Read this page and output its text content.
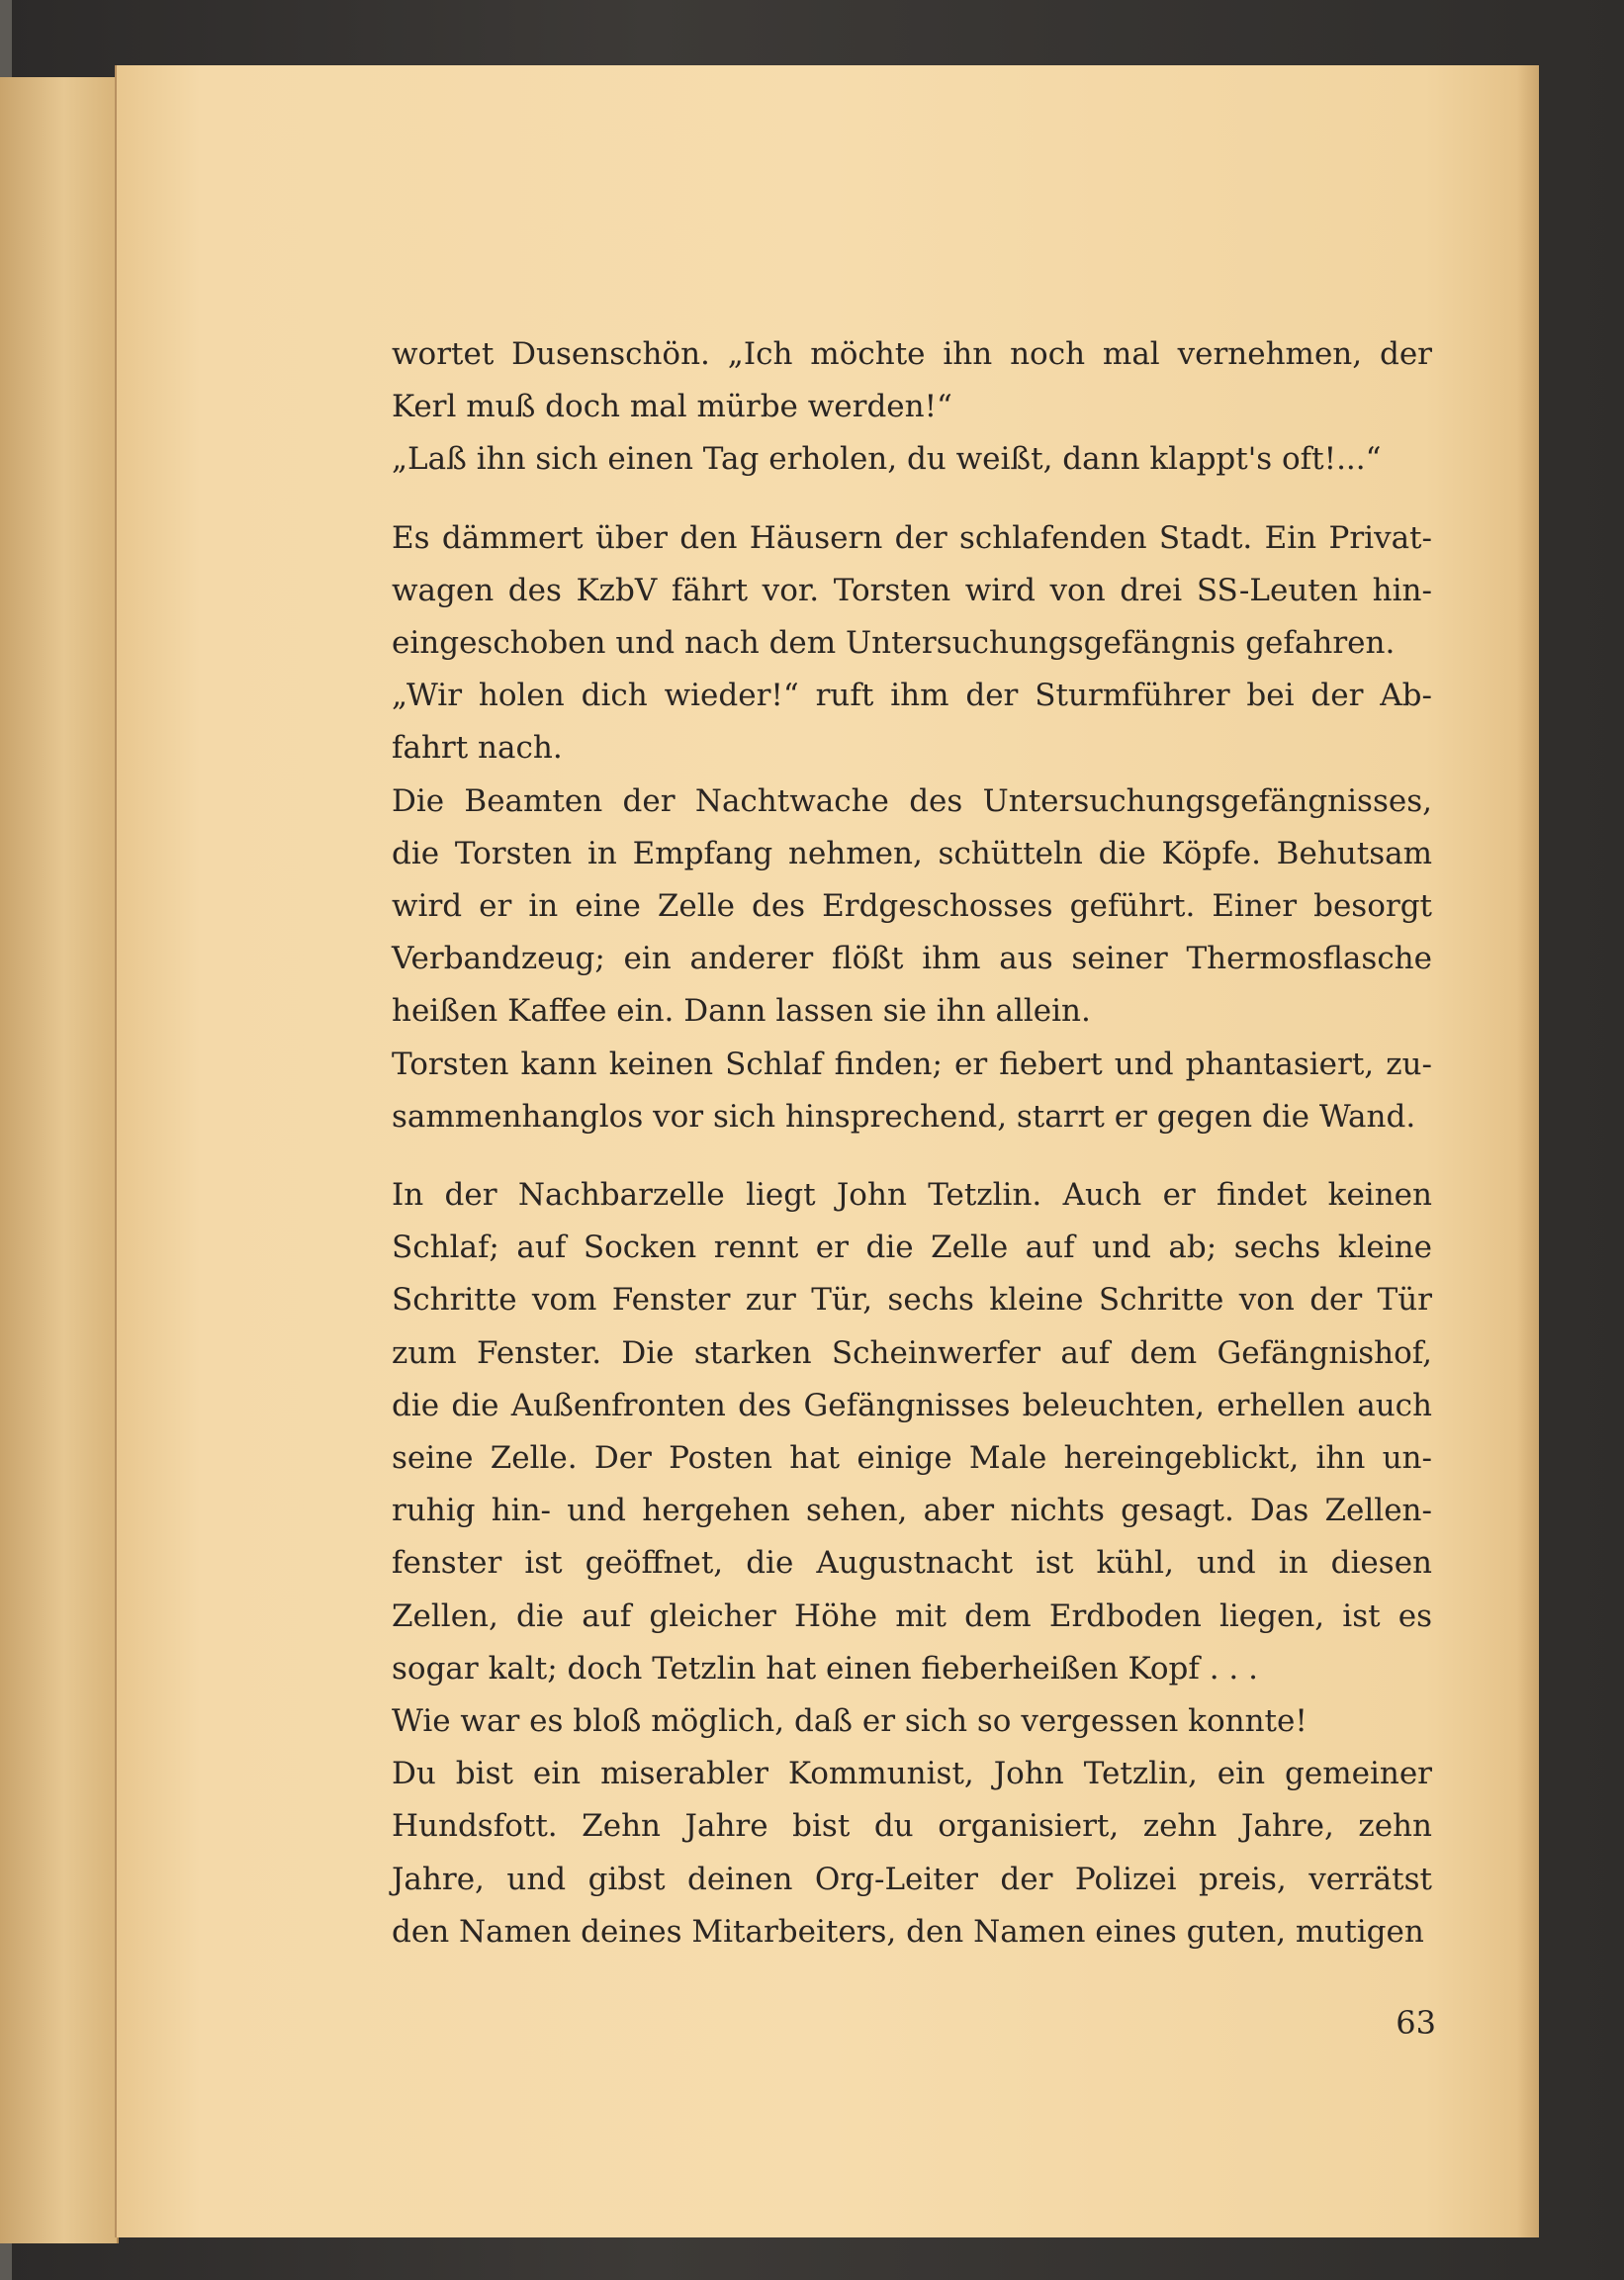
wortet Dusenschön. „Ich möchte ihn noch mal vernehmen, der
Kerl muß doch mal mürbe werden!“
„Laß ihn sich einen Tag erholen, du weißt, dann klappt's oft!...“
Es dämmert über den Häusern der schlafenden Stadt. Ein Privat-
wagen des KzbV fährt vor. Torsten wird von drei SS-Leuten hin-
eingeschoben und nach dem Untersuchungsgefängnis gefahren.
„Wir holen dich wieder!“ ruft ihm der Sturmführer bei der Ab-
fahrt nach.
Die Beamten der Nachtwache des Untersuchungsgefängnisses,
die Torsten in Empfang nehmen, schütteln die Köpfe. Behutsam
wird er in eine Zelle des Erdgeschosses geführt. Einer besorgt
Verbandzeug; ein anderer flößt ihm aus seiner Thermosflasche
heißen Kaffee ein. Dann lassen sie ihn allein.
Torsten kann keinen Schlaf finden; er fiebert und phantasiert, zu-
sammenhanglos vor sich hinsprechend, starrt er gegen die Wand.
In der Nachbarzelle liegt John Tetzlin. Auch er findet keinen
Schlaf; auf Socken rennt er die Zelle auf und ab; sechs kleine
Schritte vom Fenster zur Tür, sechs kleine Schritte von der Tür
zum Fenster. Die starken Scheinwerfer auf dem Gefängnishof,
die die Außenfronten des Gefängnisses beleuchten, erhellen auch
seine Zelle. Der Posten hat einige Male hereingeblickt, ihn un-
ruhig hin- und hergehen sehen, aber nichts gesagt. Das Zellen-
fenster ist geöffnet, die Augustnacht ist kühl, und in diesen
Zellen, die auf gleicher Höhe mit dem Erdboden liegen, ist es
sogar kalt; doch Tetzlin hat einen fieberheißen Kopf . . .
Wie war es bloß möglich, daß er sich so vergessen konnte!
Du bist ein miserabler Kommunist, John Tetzlin, ein gemeiner
Hundsfott. Zehn Jahre bist du organisiert, zehn Jahre, zehn
Jahre, und gibst deinen Org-Leiter der Polizei preis, verrätst
den Namen deines Mitarbeiters, den Namen eines guten, mutigen
63
